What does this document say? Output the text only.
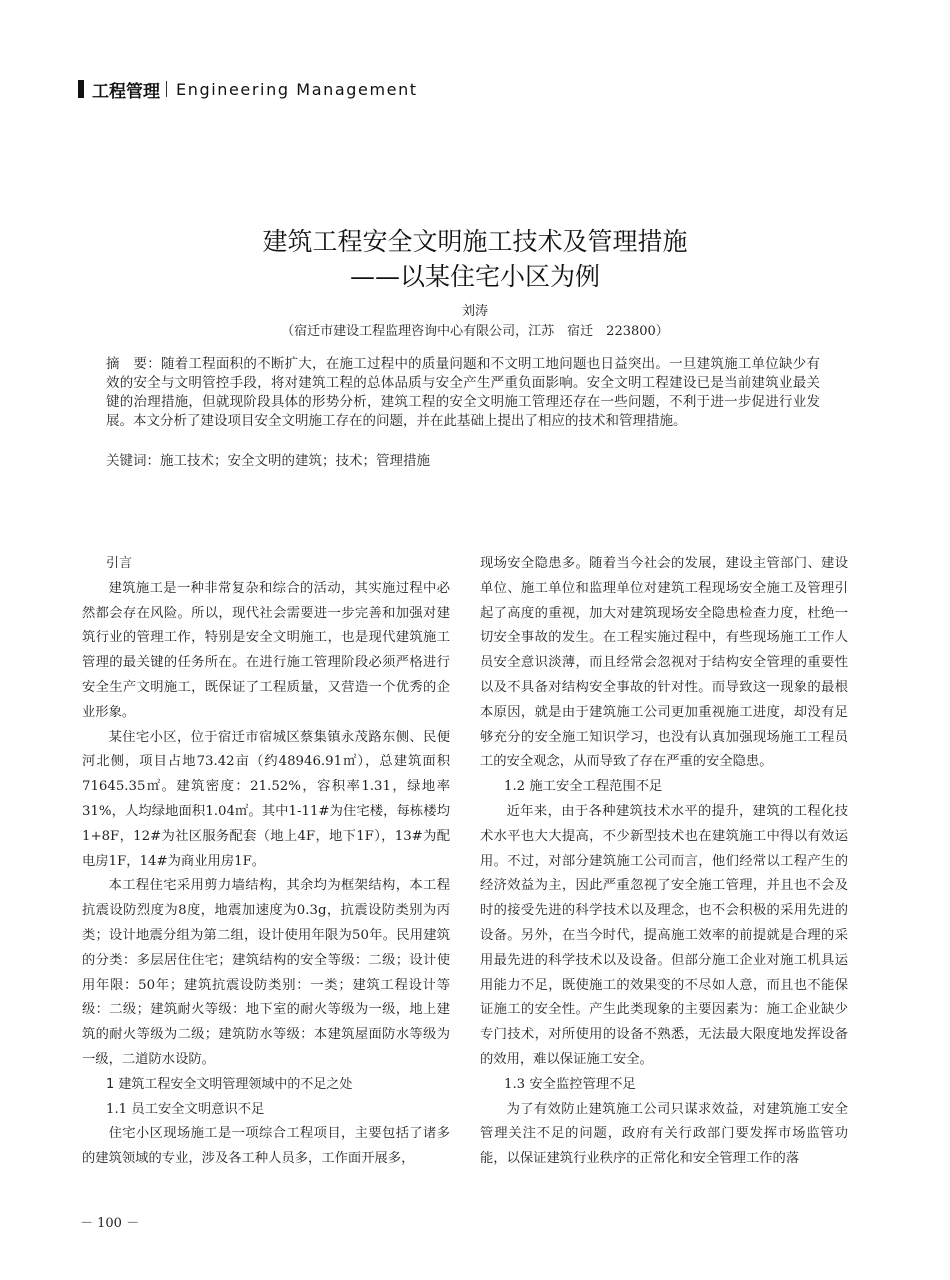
工程管理 Engineering Management
建筑工程安全文明施工技术及管理措施
——以某住宅小区为例
刘涛
（宿迁市建设工程监理咨询中心有限公司，江苏　宿迁　223800）
摘　要：随着工程面积的不断扩大，在施工过程中的质量问题和不文明工地问题也日益突出。一旦建筑施工单位缺少有效的安全与文明管控手段，将对建筑工程的总体品质与安全产生严重负面影响。安全文明工程建设已是当前建筑业最关键的治理措施，但就现阶段具体的形势分析，建筑工程的安全文明施工管理还存在一些问题，不利于进一步促进行业发展。本文分析了建设项目安全文明施工存在的问题，并在此基础上提出了相应的技术和管理措施。
关键词：施工技术；安全文明的建筑；技术；管理措施

引言

建筑施工是一种非常复杂和综合的活动，其实施过程中必然都会存在风险。所以，现代社会需要进一步完善和加强对建筑行业的管理工作，特别是安全文明施工，也是现代建筑施工管理的最关键的任务所在。在进行施工管理阶段必须严格进行安全生产文明施工，既保证了工程质量，又营造一个优秀的企业形象。

某住宅小区，位于宿迁市宿城区蔡集镇永茂路东侧、民便河北侧，项目占地73.42亩（约48946.91㎡），总建筑面积71645.35㎡。建筑密度：21.52%，容积率1.31，绿地率31%，人均绿地面积1.04㎡。其中1-11#为住宅楼，每栋楼均1+8F，12#为社区服务配套（地上4F，地下1F），13#为配电房1F，14#为商业用房1F。

本工程住宅采用剪力墙结构，其余均为框架结构，本工程抗震设防烈度为8度，地震加速度为0.3g，抗震设防类别为丙类；设计地震分组为第二组，设计使用年限为50年。民用建筑的分类：多层居住住宅；建筑结构的安全等级：二级；设计使用年限：50年；建筑抗震设防类别：一类；建筑工程设计等级：二级；建筑耐火等级：地下室的耐火等级为一级，地上建筑的耐火等级为二级；建筑防水等级：本建筑屋面防水等级为一级，二道防水设防。

1 建筑工程安全文明管理领域中的不足之处

1.1 员工安全文明意识不足

住宅小区现场施工是一项综合工程项目，主要包括了诸多的建筑领域的专业，涉及各工种人员多，工作面开展多，

现场安全隐患多。随着当今社会的发展，建设主管部门、建设单位、施工单位和监理单位对建筑工程现场安全施工及管理引起了高度的重视，加大对建筑现场安全隐患检查力度，杜绝一切安全事故的发生。在工程实施过程中，有些现场施工工作人员安全意识淡薄，而且经常会忽视对于结构安全管理的重要性以及不具备对结构安全事故的针对性。而导致这一现象的最根本原因，就是由于建筑施工公司更加重视施工进度，却没有足够充分的安全施工知识学习，也没有认真加强现场施工工程员工的安全观念，从而导致了存在严重的安全隐患。

1.2 施工安全工程范围不足

近年来，由于各种建筑技术水平的提升，建筑的工程化技术水平也大大提高，不少新型技术也在建筑施工中得以有效运用。不过，对部分建筑施工公司而言，他们经常以工程产生的经济效益为主，因此严重忽视了安全施工管理，并且也不会及时的接受先进的科学技术以及理念，也不会积极的采用先进的设备。另外，在当今时代，提高施工效率的前提就是合理的采用最先进的科学技术以及设备。但部分施工企业对施工机具运用能力不足，既使施工的效果变的不尽如人意，而且也不能保证施工的安全性。产生此类现象的主要因素为：施工企业缺少专门技术，对所使用的设备不熟悉，无法最大限度地发挥设备的效用，难以保证施工安全。

1.3 安全监控管理不足

为了有效防止建筑施工公司只谋求效益，对建筑施工安全管理关注不足的问题，政府有关行政部门要发挥市场监管功能，以保证建筑行业秩序的正常化和安全管理工作的落

－ 100 －
